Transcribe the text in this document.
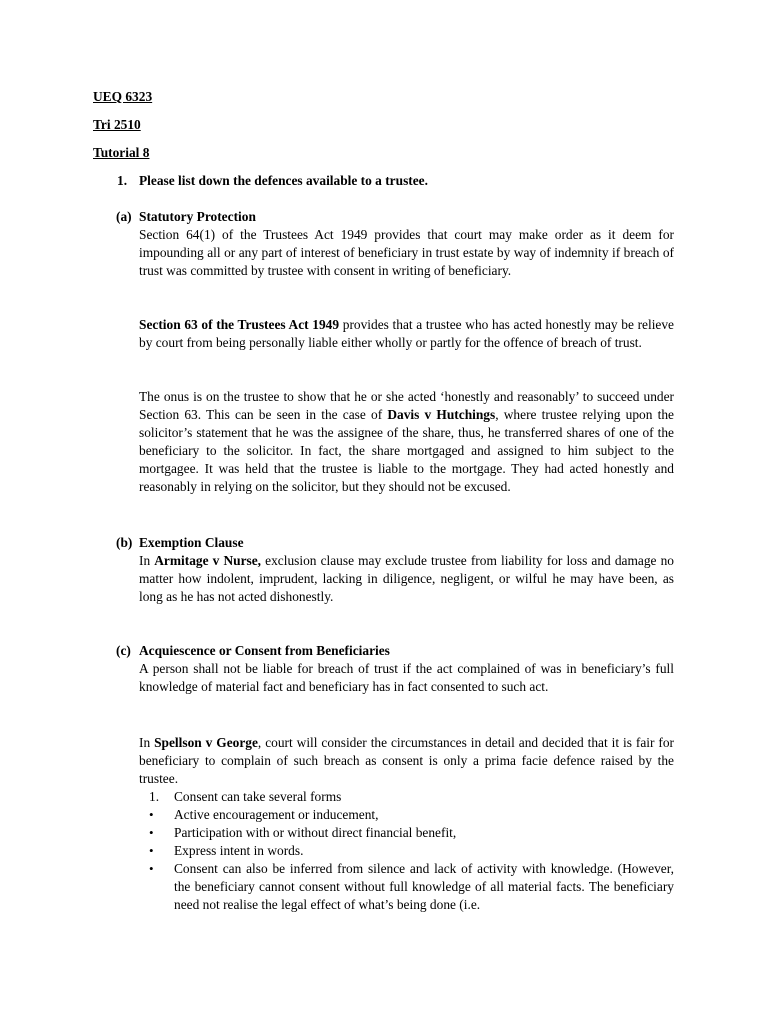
UEQ 6323
Tri 2510
Tutorial 8
1. Please list down the defences available to a trustee.
(a) Statutory Protection
Section 64(1) of the Trustees Act 1949 provides that court may make order as it deem for impounding all or any part of interest of beneficiary in trust estate by way of indemnity if breach of trust was committed by trustee with consent in writing of beneficiary.
Section 63 of the Trustees Act 1949 provides that a trustee who has acted honestly may be relieve by court from being personally liable either wholly or partly for the offence of breach of trust.
The onus is on the trustee to show that he or she acted ‘honestly and reasonably’ to succeed under Section 63. This can be seen in the case of Davis v Hutchings, where trustee relying upon the solicitor’s statement that he was the assignee of the share, thus, he transferred shares of one of the beneficiary to the solicitor. In fact, the share mortgaged and assigned to him subject to the mortgagee. It was held that the trustee is liable to the mortgage. They had acted honestly and reasonably in relying on the solicitor, but they should not be excused.
(b) Exemption Clause
In Armitage v Nurse, exclusion clause may exclude trustee from liability for loss and damage no matter how indolent, imprudent, lacking in diligence, negligent, or wilful he may have been, as long as he has not acted dishonestly.
(c) Acquiescence or Consent from Beneficiaries
A person shall not be liable for breach of trust if the act complained of was in beneficiary’s full knowledge of material fact and beneficiary has in fact consented to such act.
In Spellson v George, court will consider the circumstances in detail and decided that it is fair for beneficiary to complain of such breach as consent is only a prima facie defence raised by the trustee.
1. Consent can take several forms
• Active encouragement or inducement,
• Participation with or without direct financial benefit,
• Express intent in words.
• Consent can also be inferred from silence and lack of activity with knowledge. (However, the beneficiary cannot consent without full knowledge of all material facts. The beneficiary need not realise the legal effect of what’s being done (i.e.
